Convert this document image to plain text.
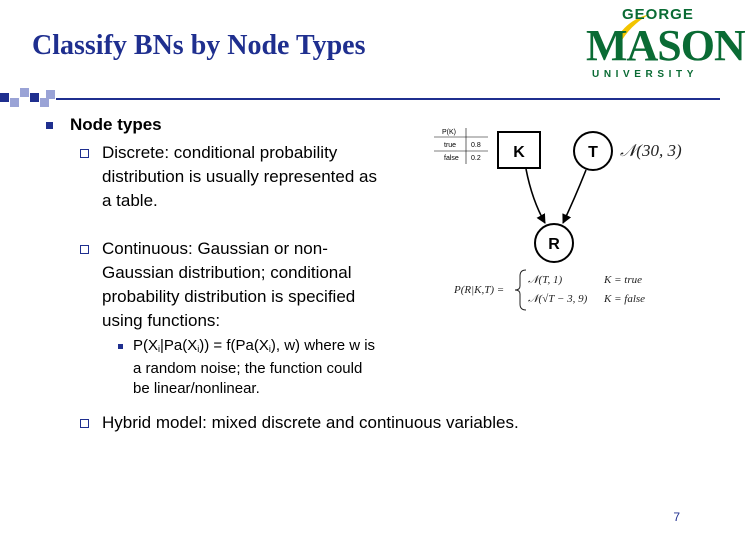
Classify BNs by Node Types
GEORGE
MASON
UNIVERSITY
Node types
Discrete: conditional probability
distribution is usually represented as
a table.
Continuous: Gaussian or non-
Gaussian distribution; conditional
probability distribution is specified
using functions:
$P(X_i|Pa(X_i)) = f(Pa(X_i)$, w) where w is
a random noise; the function could
be linear/nonlinear.
Hybrid model: mixed discrete and continuous variables.
P(K)
true 0.8
false 0.2 K	T 𝒩(30, 3)
R
P(R|K,T) =
𝒩(T, 1)	K = true
𝒩(√T − 3, 9) K = false
7
